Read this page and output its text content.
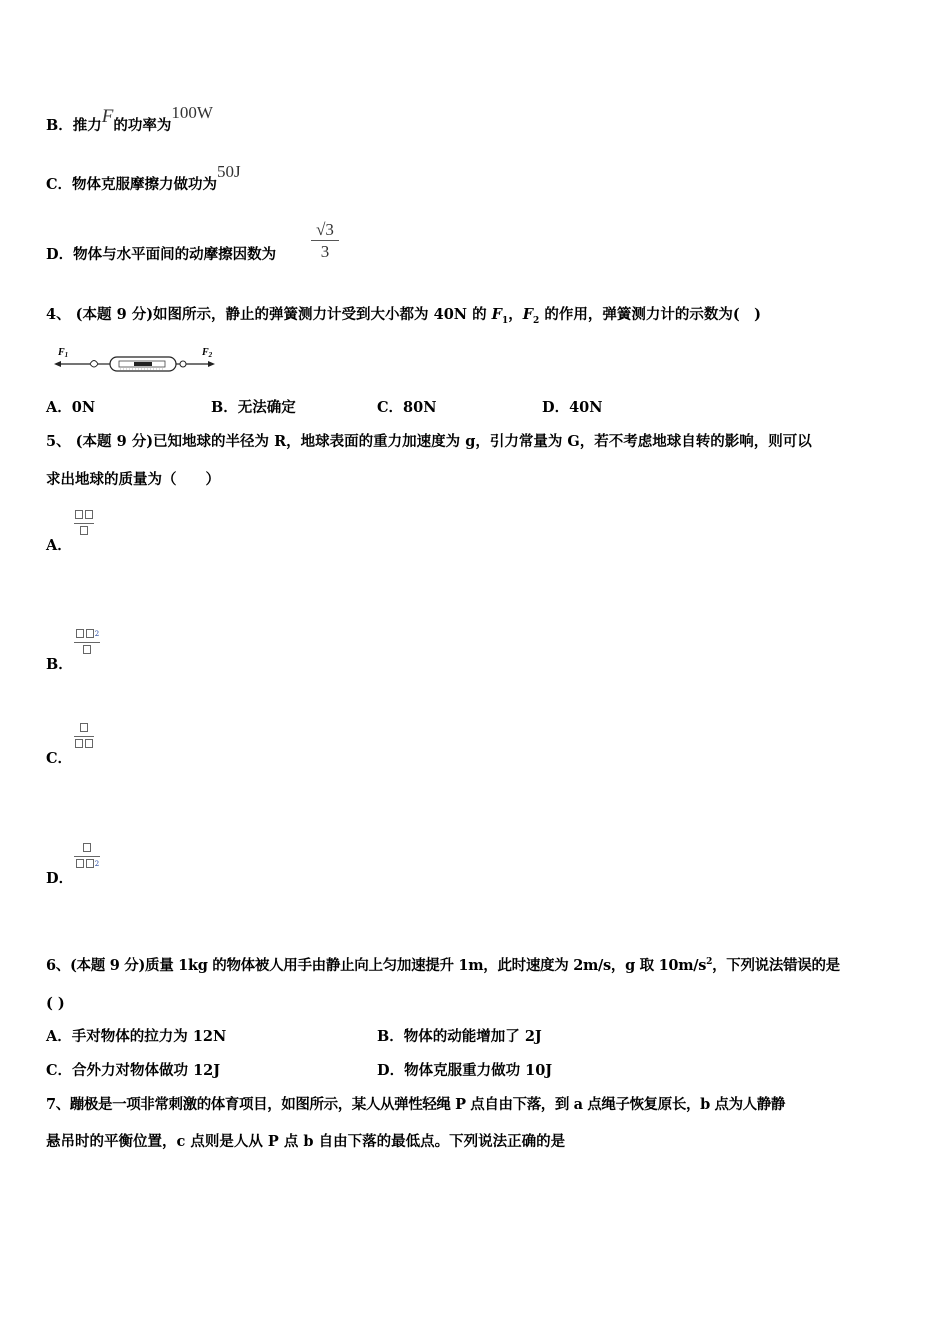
B．推力F的功率为100W
C．物体克服摩擦力做功为50J
D．物体与水平面间的动摩擦因数为 $\frac{√3}{3}$
4、 (本题 9 分)如图所示，静止的弹簧测力计受到大小都为 40N 的 $F_1$，$F_2$ 的作用，弹簧测力计的示数为(　)
$F_1$	$F_2$
A．0N	B．无法确定	C．80N	D．40N
5、 (本题 9 分)已知地球的半径为 R，地球表面的重力加速度为 g，引力常量为 G，若不考虑地球自转的影响，则可以
求出地球的质量为（　　）
A．
B．
$^2$
C．
D．
$^2$
6、(本题 9 分)质量 1kg 的物体被人用手由静止向上匀加速提升 1m，此时速度为 2m/s，g 取 $10m/s^2$，下列说法错误的是
( )
A．手对物体的拉力为 12N	B．物体的动能增加了 2J
C．合外力对物体做功 12J	D．物体克服重力做功 10J
7、蹦极是一项非常刺激的体育项目，如图所示，某人从弹性轻绳 P 点自由下落，到 a 点绳子恢复原长，b 点为人静静
悬吊时的平衡位置，c 点则是人从 P 点 b 自由下落的最低点。下列说法正确的是
